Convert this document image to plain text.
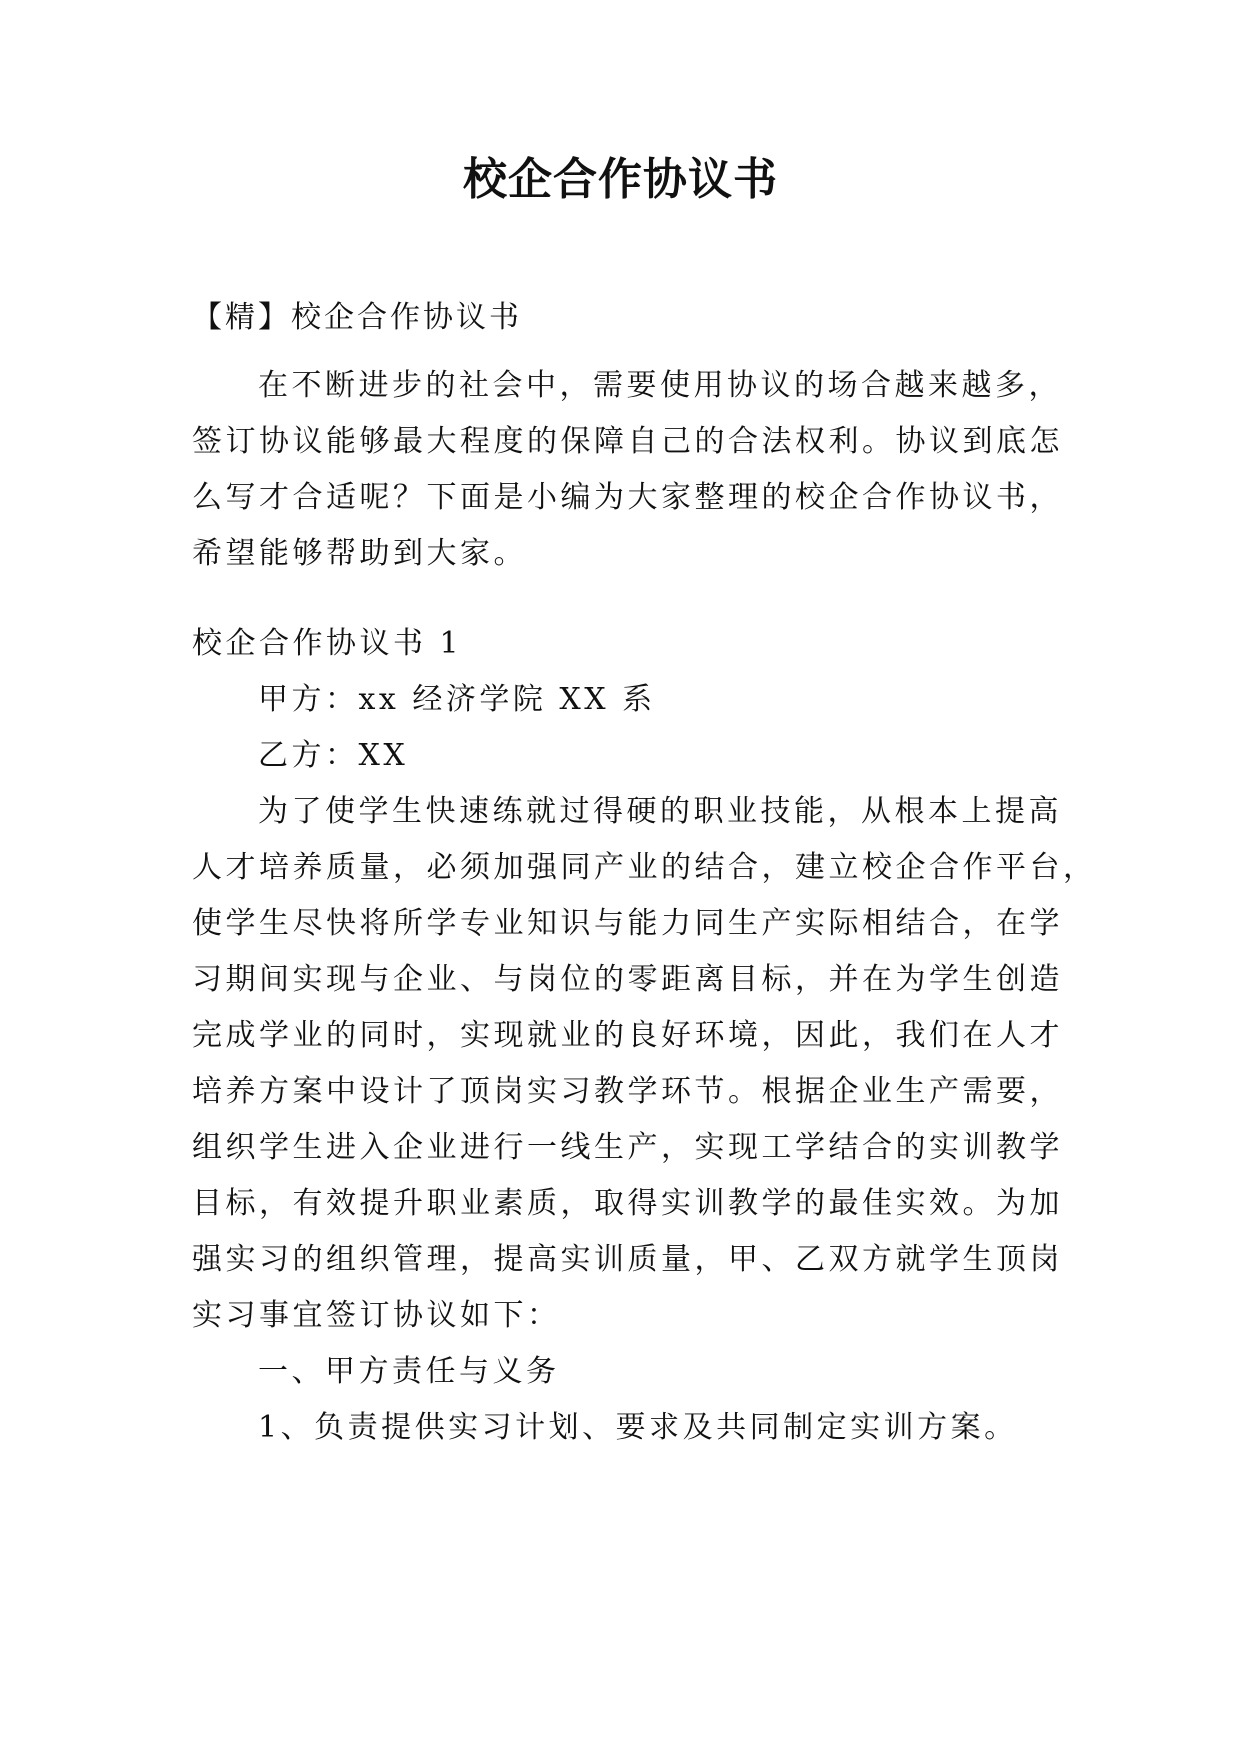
校企合作协议书
【精】校企合作协议书
在不断进步的社会中，需要使用协议的场合越来越多，
签订协议能够最大程度的保障自己的合法权利。协议到底怎
么写才合适呢？下面是小编为大家整理的校企合作协议书，
希望能够帮助到大家。
校企合作协议书 1
甲方：xx 经济学院 XX 系
乙方：XX
为了使学生快速练就过得硬的职业技能，从根本上提高
人才培养质量，必须加强同产业的结合，建立校企合作平台，
使学生尽快将所学专业知识与能力同生产实际相结合，在学
习期间实现与企业、与岗位的零距离目标，并在为学生创造
完成学业的同时，实现就业的良好环境，因此，我们在人才
培养方案中设计了顶岗实习教学环节。根据企业生产需要，
组织学生进入企业进行一线生产，实现工学结合的实训教学
目标，有效提升职业素质，取得实训教学的最佳实效。为加
强实习的组织管理，提高实训质量，甲、乙双方就学生顶岗
实习事宜签订协议如下：
一、甲方责任与义务
1、负责提供实习计划、要求及共同制定实训方案。
